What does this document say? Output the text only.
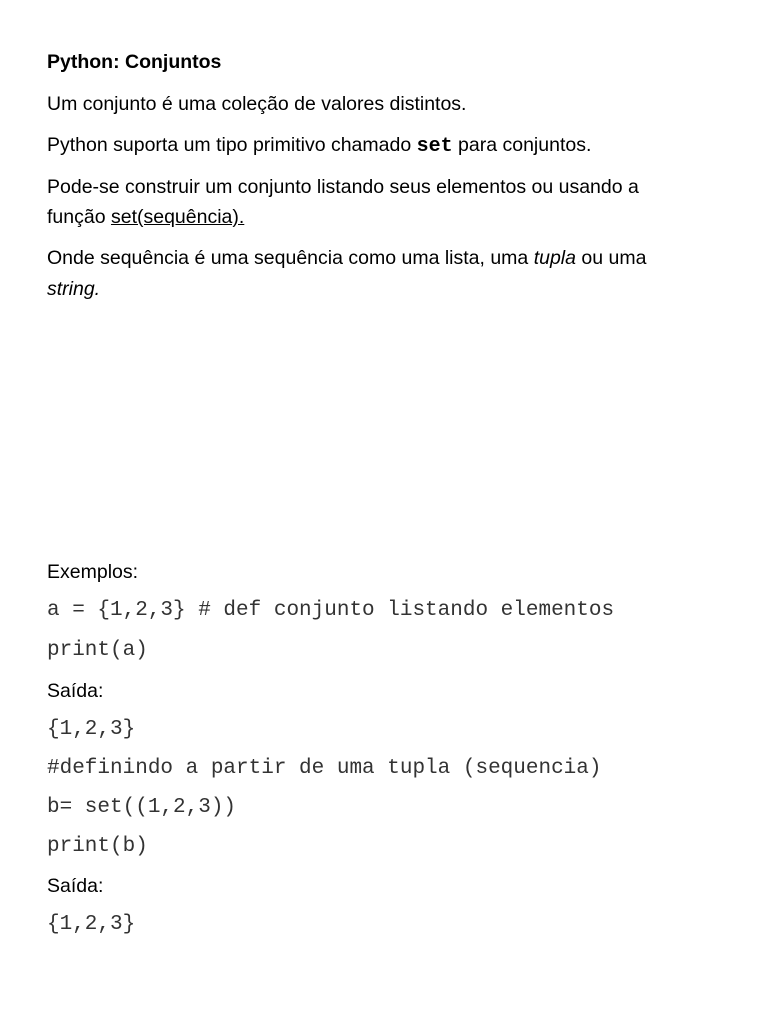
Python: Conjuntos
Um conjunto é uma coleção de valores distintos.
Python suporta um tipo primitivo chamado set para conjuntos.
Pode-se construir um conjunto listando seus elementos ou usando a
função set(sequência).
Onde sequência é uma sequência como uma lista, uma tupla ou uma
string.
Exemplos:
a = {1,2,3} # def conjunto listando elementos
print(a)
Saída:
{1,2,3}
#definindo a partir de uma tupla (sequencia)
b= set((1,2,3))
print(b)
Saída:
{1,2,3}
